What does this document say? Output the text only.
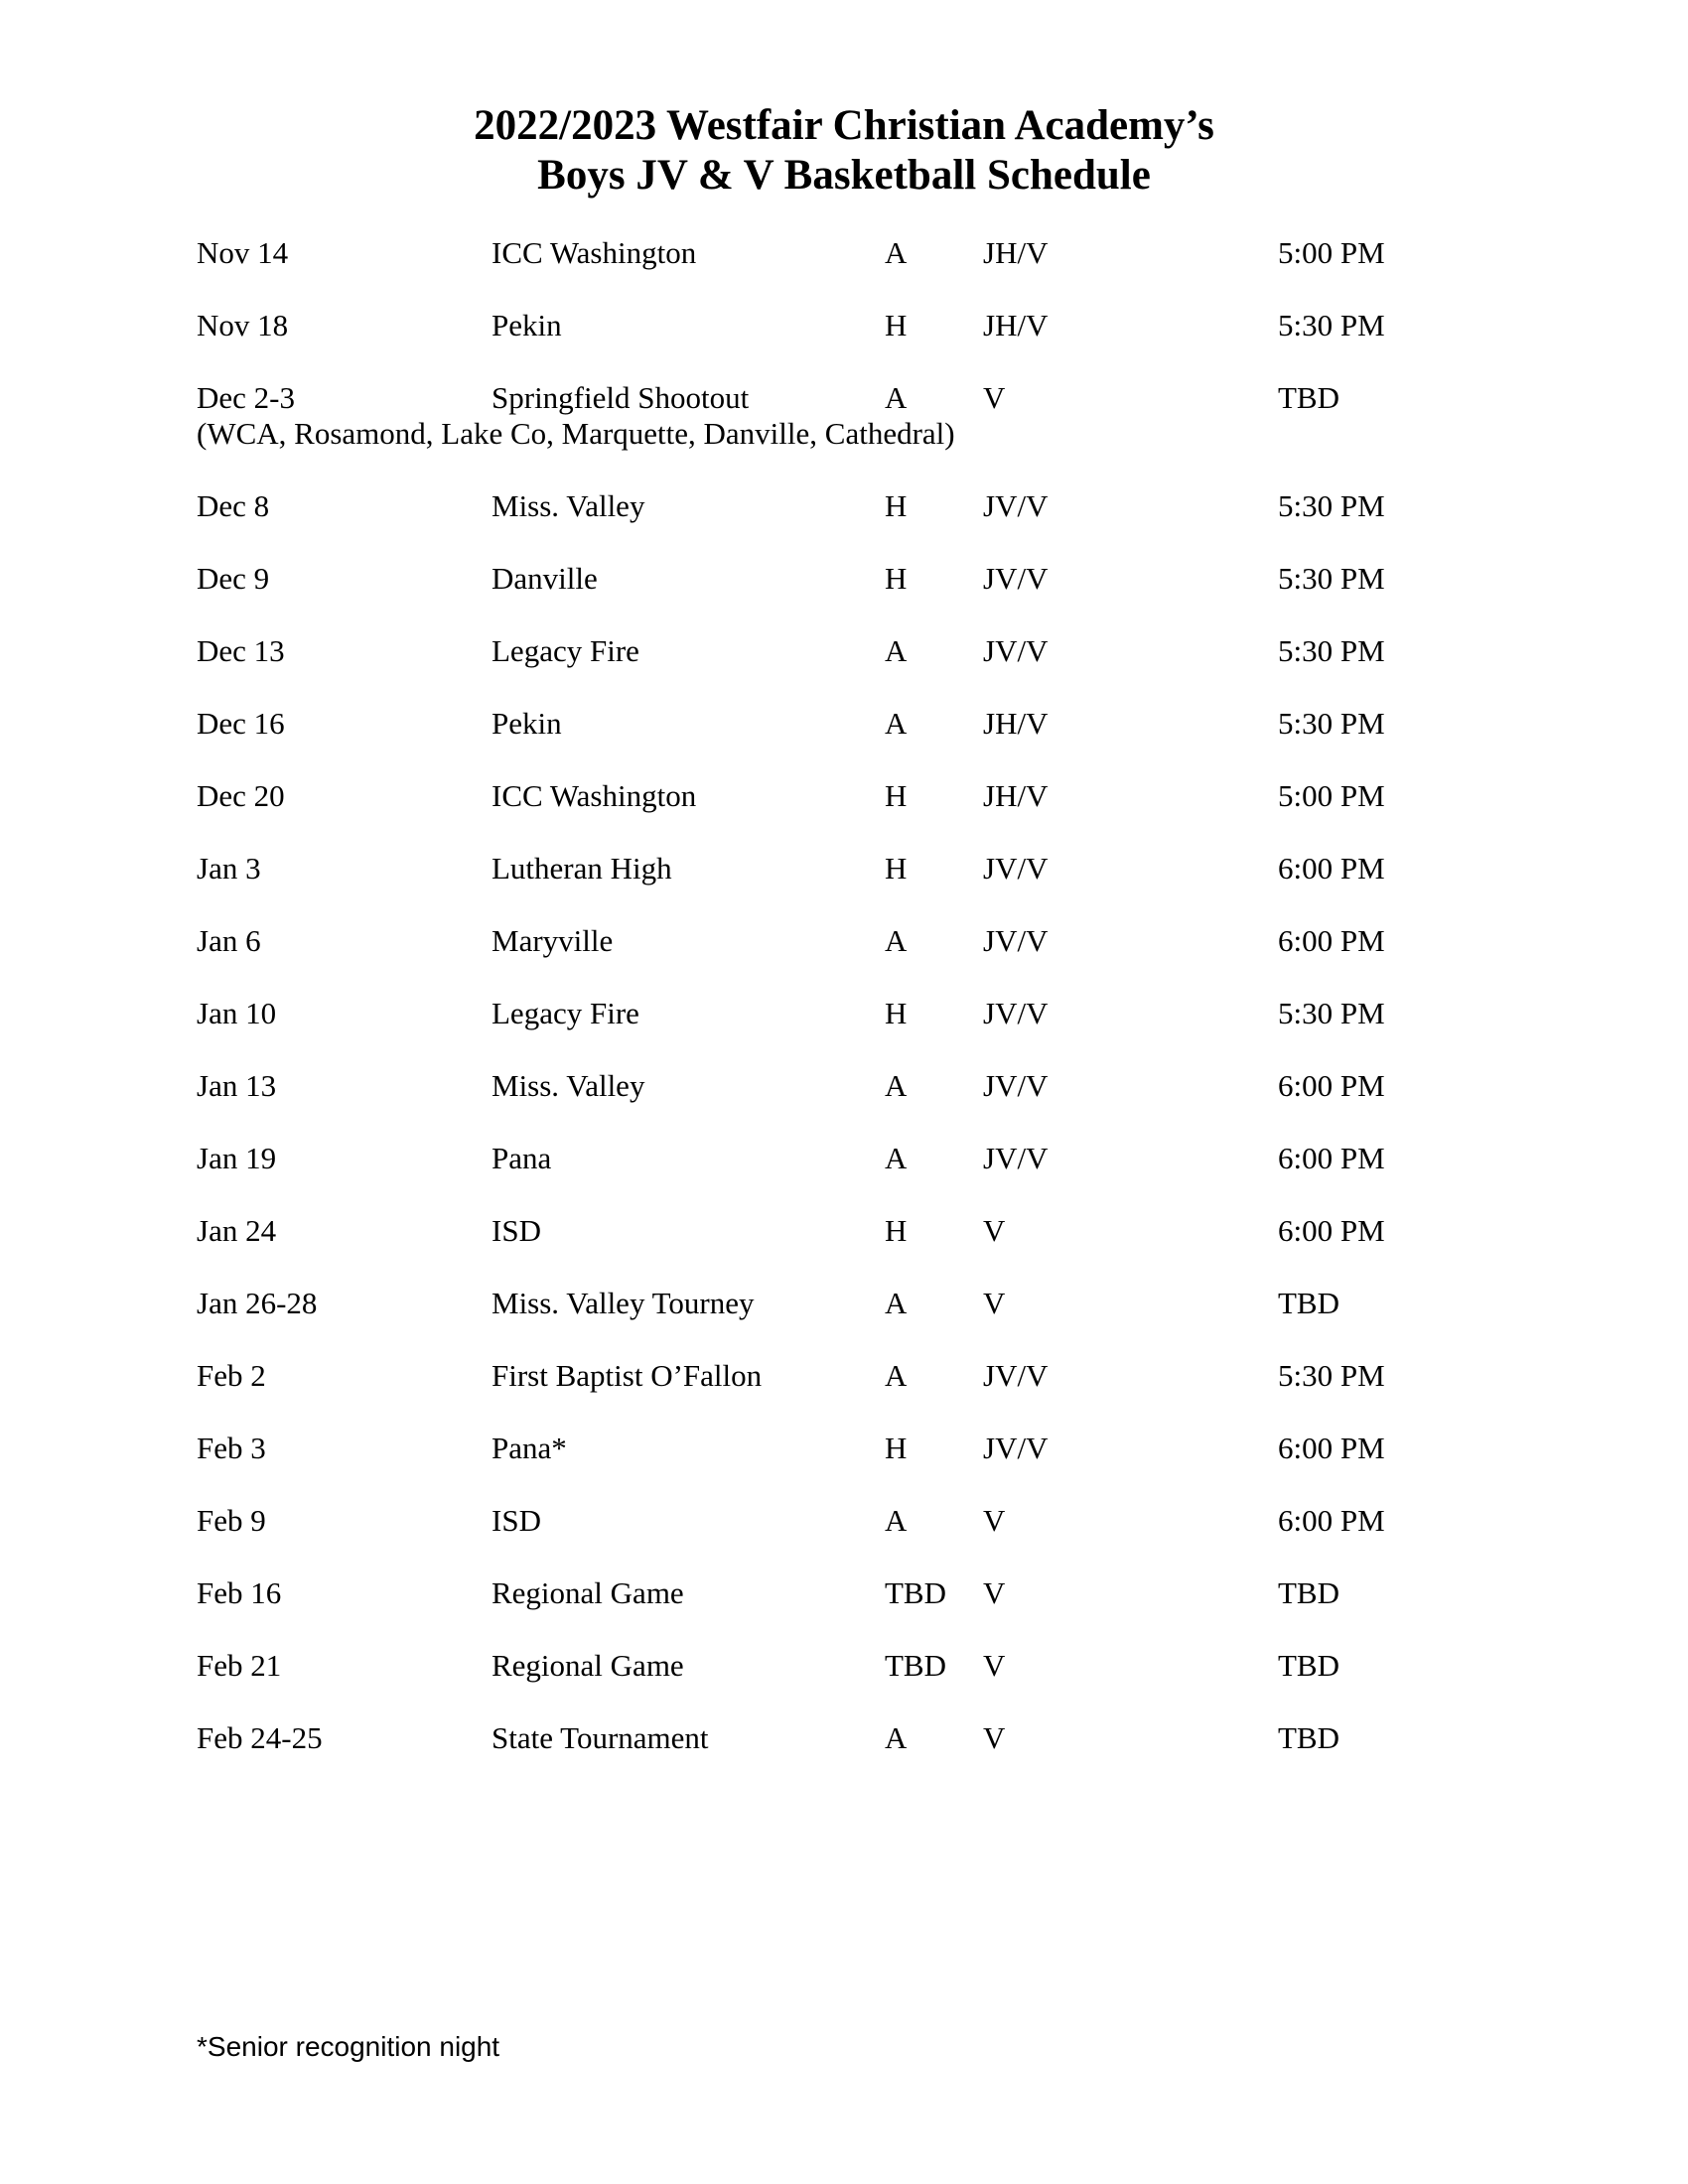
2022/2023 Westfair Christian Academy’s
Boys JV & V Basketball Schedule
Nov 14	ICC Washington	A JH/V	5:00 PM
Nov 18	Pekin	H JH/V	5:30 PM
Dec 2-3	Springfield Shootout	A V	TBD
(WCA, Rosamond, Lake Co, Marquette, Danville, Cathedral)
Dec 8	Miss. Valley	H JV/V	5:30 PM
Dec 9	Danville	H JV/V	5:30 PM
Dec 13	Legacy Fire	A JV/V	5:30 PM
Dec 16	Pekin	A JH/V	5:30 PM
Dec 20	ICC Washington	H JH/V	5:00 PM
Jan 3	Lutheran High	H JV/V	6:00 PM
Jan 6	Maryville	A JV/V	6:00 PM
Jan 10	Legacy Fire	H JV/V	5:30 PM
Jan 13	Miss. Valley	A JV/V	6:00 PM
Jan 19	Pana	A JV/V	6:00 PM
Jan 24	ISD	H V	6:00 PM
Jan 26-28	Miss. Valley Tourney	A V	TBD
Feb 2	First Baptist O’Fallon	A JV/V	5:30 PM
Feb 3	Pana*	H JV/V	6:00 PM
Feb 9	ISD	A V	6:00 PM
Feb 16	Regional Game	TBD V	TBD
Feb 21	Regional Game	TBD V	TBD
Feb 24-25	State Tournament	A V	TBD
*Senior recognition night
